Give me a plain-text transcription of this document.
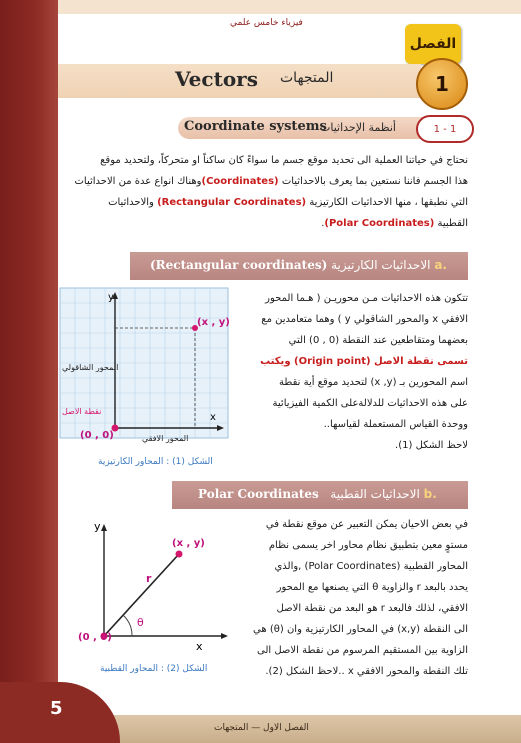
فيزياء خامس علمي
الفصل
Vectors المتجهات	1
Coordinate systems
أنظمة الإحداثيات	1 - 1
نحتاج في حياتنا العملية الى تحديد موقع جسم ما سواءً كان ساكناً او متحركاً، ولتحديد موقع
هذا الجسم فاننا نستعين بما يعرف بالاحداثيات (Coordinates)وهناك انواع عدة من الاحداثيات
التي نطبقها ، منها الاحداثيات الكارتيزية (Rectangular Coordinates) والاحداثيات
القطبية (Polar Coordinates).
(Rectangular coordinates) الاحداثيات الكارتيزية a.
y
x
(x , y)
(0 , 0)
المحور الشاقولي
المحور الافقي
نقطة الاصل
الشكل (1) : المحاور الكارتيزية
تتكون هذه الاحداثيات مـن محوريـن ( هـما المحور
الافقي x والمحور الشاقولي y ) وهما متعامدين مع
بعضهما ومتقاطعين عند النقطة (0 , 0) التي
تسمى نقطة الاصل (Origin point) ويكتب
اسم المحورين بـ (x ,y) لتحديد موقع أية نقطة
على هذه الاحداثيات للدلالةعلى الكمية الفيزيائية
ووحدة القياس المستعملة لقياسها..
لاحظ الشكل (1).
Polar Coordinates الاحداثيات القطبية b.
y
x
(x , y)
(0 , 0)
r
θ
الشكل (2) : المحاور القطبية
في بعض الاحيان يمكن التعبير عن موقع نقطة في
مستوٍ معين بتطبيق نظام محاور اخر يسمى نظام
المحاور القطبية (Polar Coordinates) ,والذي
يحدد بالبعد r والزاوية θ التي يصنعها مع المحور
الافقي، لذلك فالبعد r هو البعد من نقطة الاصل
الى النقطة (x,y) في المحاور الكارتيزية وان (θ) هي
الزاوية بين المستقيم المرسوم من نقطة الاصل الى
تلك النقطة والمحور الافقي x ..لاحظ الشكل (2).
5
الفصل الاول — المتجهات
